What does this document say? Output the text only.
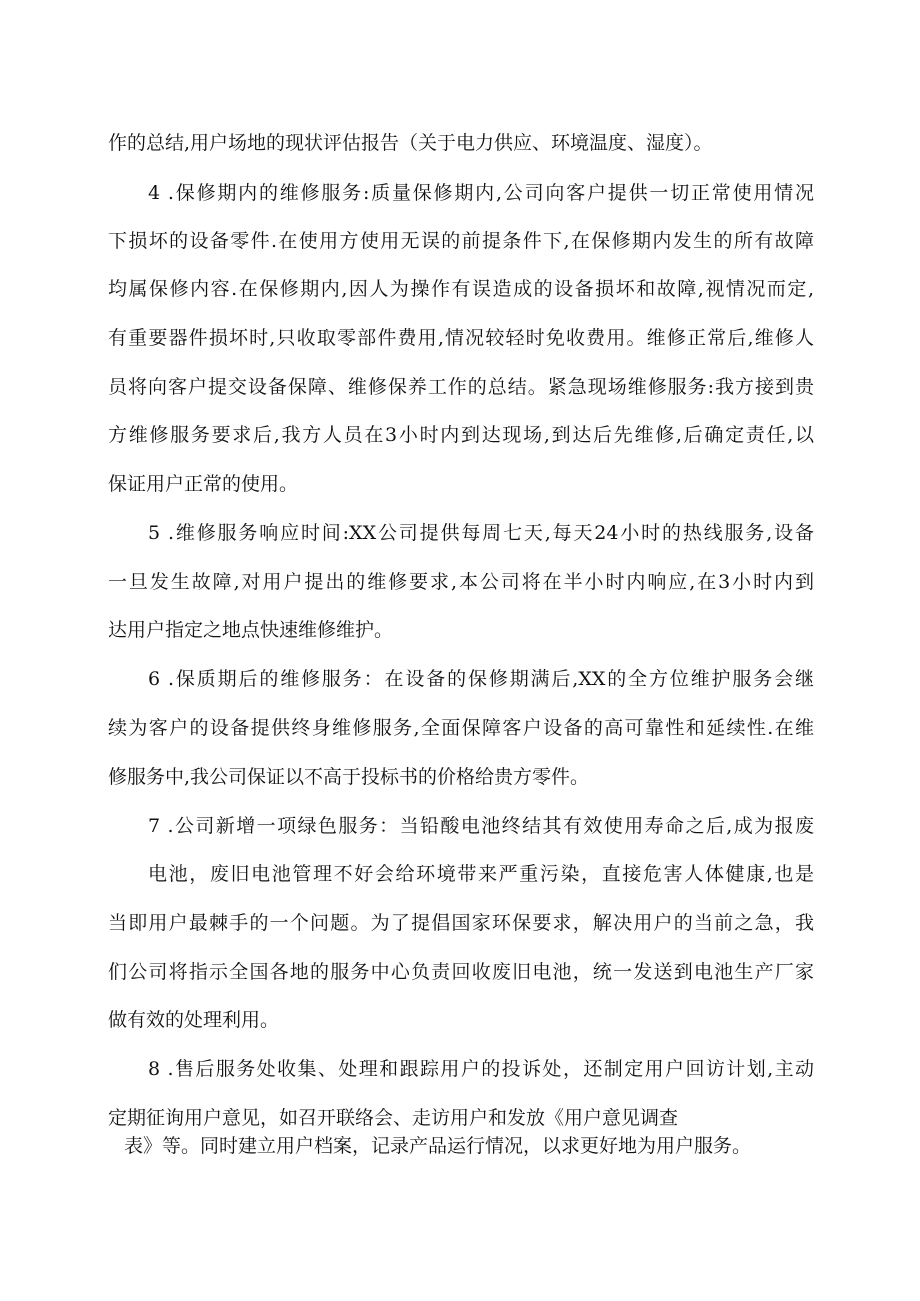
作的总结,用户场地的现状评估报告（关于电力供应、环境温度、湿度）。
4 .保修期内的维修服务:质量保修期内,公司向客户提供一切正常使用情况
下损坏的设备零件.在使用方使用无误的前提条件下,在保修期内发生的所有故障
均属保修内容.在保修期内,因人为操作有误造成的设备损坏和故障,视情况而定,
有重要器件损坏时,只收取零部件费用,情况较轻时免收费用。维修正常后,维修人
员将向客户提交设备保障、维修保养工作的总结。紧急现场维修服务:我方接到贵
方维修服务要求后,我方人员在3小时内到达现场,到达后先维修,后确定责任,以
保证用户正常的使用。
5 .维修服务响应时间:XX公司提供每周七天,每天24小时的热线服务,设备
一旦发生故障,对用户提出的维修要求,本公司将在半小时内响应,在3小时内到
达用户指定之地点快速维修维护。
6 .保质期后的维修服务：在设备的保修期满后,XX的全方位维护服务会继
续为客户的设备提供终身维修服务,全面保障客户设备的高可靠性和延续性.在维
修服务中,我公司保证以不高于投标书的价格给贵方零件。
7 .公司新增一项绿色服务：当铅酸电池终结其有效使用寿命之后,成为报废
电池，废旧电池管理不好会给环境带来严重污染，直接危害人体健康,也是
当即用户最棘手的一个问题。为了提倡国家环保要求，解决用户的当前之急，我
们公司将指示全国各地的服务中心负责回收废旧电池，统一发送到电池生产厂家
做有效的处理利用。
8 .售后服务处收集、处理和跟踪用户的投诉处，还制定用户回访计划,主动
定期征询用户意见，如召开联络会、走访用户和发放《用户意见调查
表》等。同时建立用户档案，记录产品运行情况，以求更好地为用户服务。
